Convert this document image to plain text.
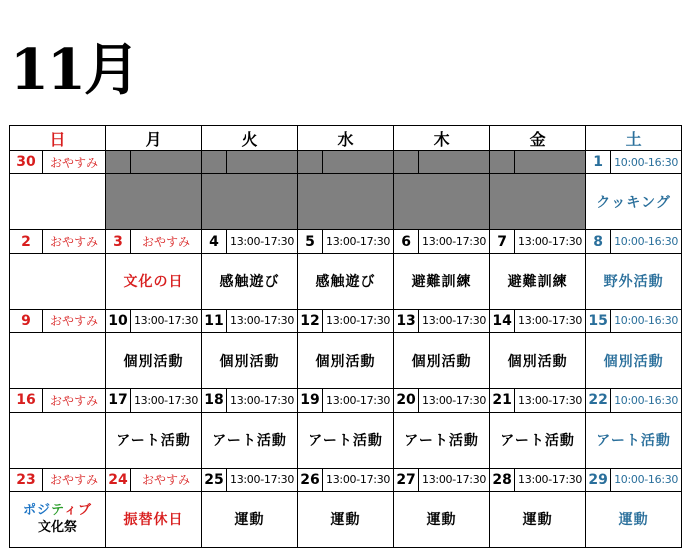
11月
日		月		火		水		木		金		土	
30	おやすみ											1	10:00-16:30
												クッキング	
2	おやすみ	3	おやすみ	4	13:00-17:30	5	13:00-17:30	6	13:00-17:30	7	13:00-17:30	8	10:00-16:30
		文化の日		感触遊び		感触遊び		避難訓練		避難訓練		野外活動	
9	おやすみ	10	13:00-17:30	11	13:00-17:30	12	13:00-17:30	13	13:00-17:30	14	13:00-17:30	15	10:00-16:30
		個別活動		個別活動		個別活動		個別活動		個別活動		個別活動	
16	おやすみ	17	13:00-17:30	18	13:00-17:30	19	13:00-17:30	20	13:00-17:30	21	13:00-17:30	22	10:00-16:30
		アート活動		アート活動		アート活動		アート活動		アート活動		アート活動	
23	おやすみ	24	おやすみ	25	13:00-17:30	26	13:00-17:30	27	13:00-17:30	28	13:00-17:30	29	10:00-16:30

ポジティブ
文化祭		振替休日		運動		運動		運動		運動		運動	
